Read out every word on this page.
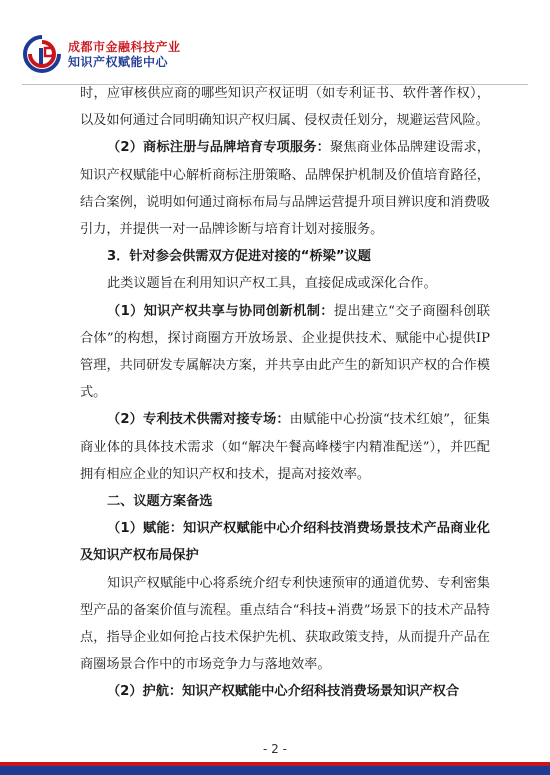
成都市金融科技产业
知识产权赋能中心

时，应审核供应商的哪些知识产权证明（如专利证书、软件著作权），以及如何通过合同明确知识产权归属、侵权责任划分，规避运营风险。

（2）商标注册与品牌培育专项服务：聚焦商业体品牌建设需求，知识产权赋能中心解析商标注册策略、品牌保护机制及价值培育路径，结合案例，说明如何通过商标布局与品牌运营提升项目辨识度和消费吸引力，并提供一对一品牌诊断与培育计划对接服务。

3．针对参会供需双方促进对接的“桥梁”议题

此类议题旨在利用知识产权工具，直接促成或深化合作。

（1）知识产权共享与协同创新机制：提出建立“交子商圈科创联合体”的构想，探讨商圈方开放场景、企业提供技术、赋能中心提供IP管理，共同研发专属解决方案，并共享由此产生的新知识产权的合作模式。

（2）专利技术供需对接专场：由赋能中心扮演“技术红娘”，征集商业体的具体技术需求（如“解决午餐高峰楼宇内精准配送”），并匹配拥有相应企业的知识产权和技术，提高对接效率。

二、议题方案备选

（1）赋能：知识产权赋能中心介绍科技消费场景技术产品商业化及知识产权布局保护

知识产权赋能中心将系统介绍专利快速预审的通道优势、专利密集型产品的备案价值与流程。重点结合“科技+消费”场景下的技术产品特点，指导企业如何抢占技术保护先机、获取政策支持，从而提升产品在商圈场景合作中的市场竞争力与落地效率。

（2）护航：知识产权赋能中心介绍科技消费场景知识产权合

- 2 -
